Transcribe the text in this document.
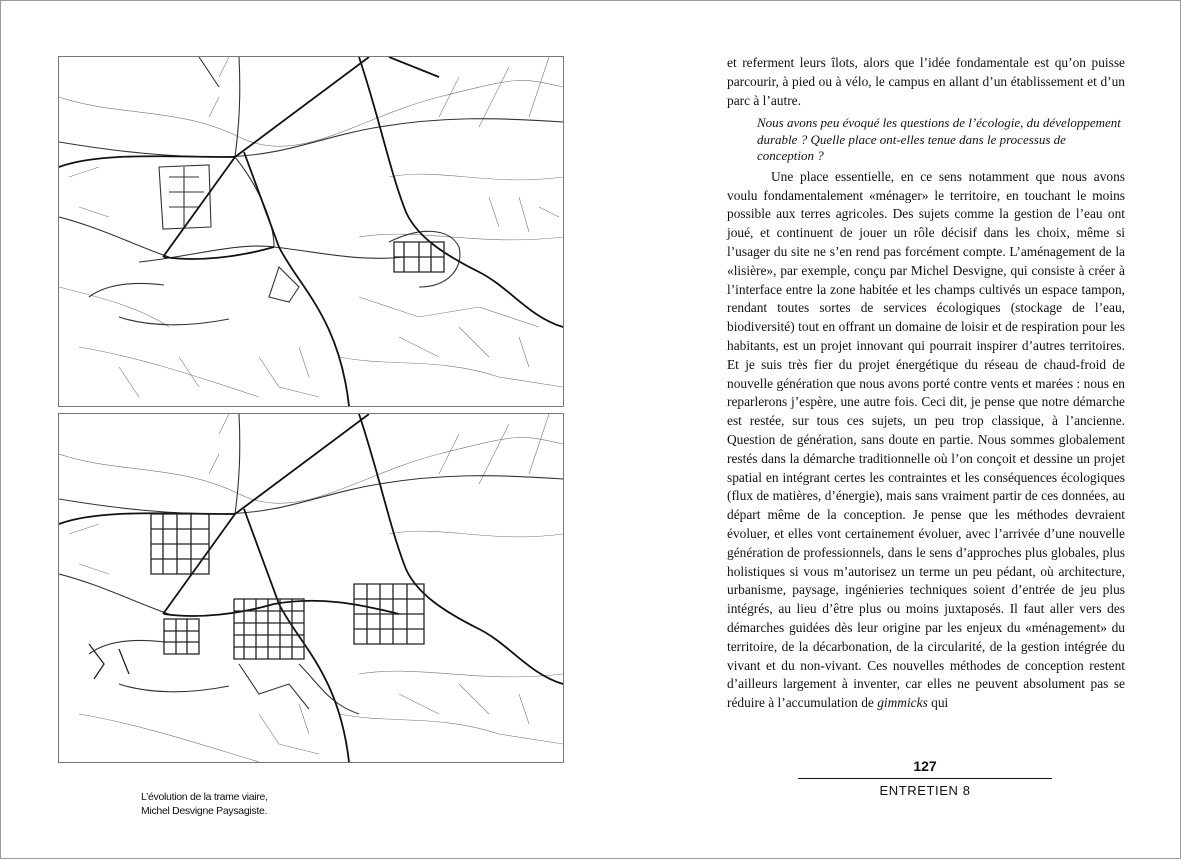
L’évolution de la trame viaire,
Michel Desvigne Paysagiste.

et referment leurs îlots, alors que l’idée fondamentale est qu’on puisse parcourir, à pied ou à vélo, le campus en allant d’un établissement et d’un parc à l’autre.

Nous avons peu évoqué les questions de l’écologie, du développement durable ? Quelle place ont-elles tenue dans le processus de conception ?

Une place essentielle, en ce sens notamment que nous avons voulu fondamentalement «ménager» le territoire, en touchant le moins possible aux terres agricoles. Des sujets comme la gestion de l’eau ont joué, et continuent de jouer un rôle décisif dans les choix, même si l’usager du site ne s’en rend pas forcément compte. L’aménagement de la «lisière», par exemple, conçu par Michel Desvigne, qui consiste à créer à l’interface entre la zone habitée et les champs cultivés un espace tampon, rendant toutes sortes de services écologiques (stockage de l’eau, biodiversité) tout en offrant un domaine de loisir et de respiration pour les habitants, est un projet innovant qui pourrait inspirer d’autres territoires. Et je suis très fier du projet énergétique du réseau de chaud-froid de nouvelle génération que nous avons porté contre vents et marées : nous en reparlerons j’espère, une autre fois. Ceci dit, je pense que notre démarche est restée, sur tous ces sujets, un peu trop classique, à l’ancienne. Question de génération, sans doute en partie. Nous sommes globalement restés dans la démarche traditionnelle où l’on conçoit et dessine un projet spatial en intégrant certes les contraintes et les conséquences écologiques (flux de matières, d’énergie), mais sans vraiment partir de ces données, au départ même de la conception. Je pense que les méthodes devraient évoluer, et elles vont certainement évoluer, avec l’arrivée d’une nouvelle génération de professionnels, dans le sens d’approches plus globales, plus holistiques si vous m’autorisez un terme un peu pédant, où architecture, urbanisme, paysage, ingénieries techniques soient d’entrée de jeu plus intégrés, au lieu d’être plus ou moins juxtaposés. Il faut aller vers des démarches guidées dès leur origine par les enjeux du «ménagement» du territoire, de la décarbonation, de la circularité, de la gestion intégrée du vivant et du non-vivant. Ces nouvelles méthodes de conception restent d’ailleurs largement à inventer, car elles ne peuvent absolument pas se réduire à l’accumulation de gimmicks qui

127
ENTRETIEN 8
